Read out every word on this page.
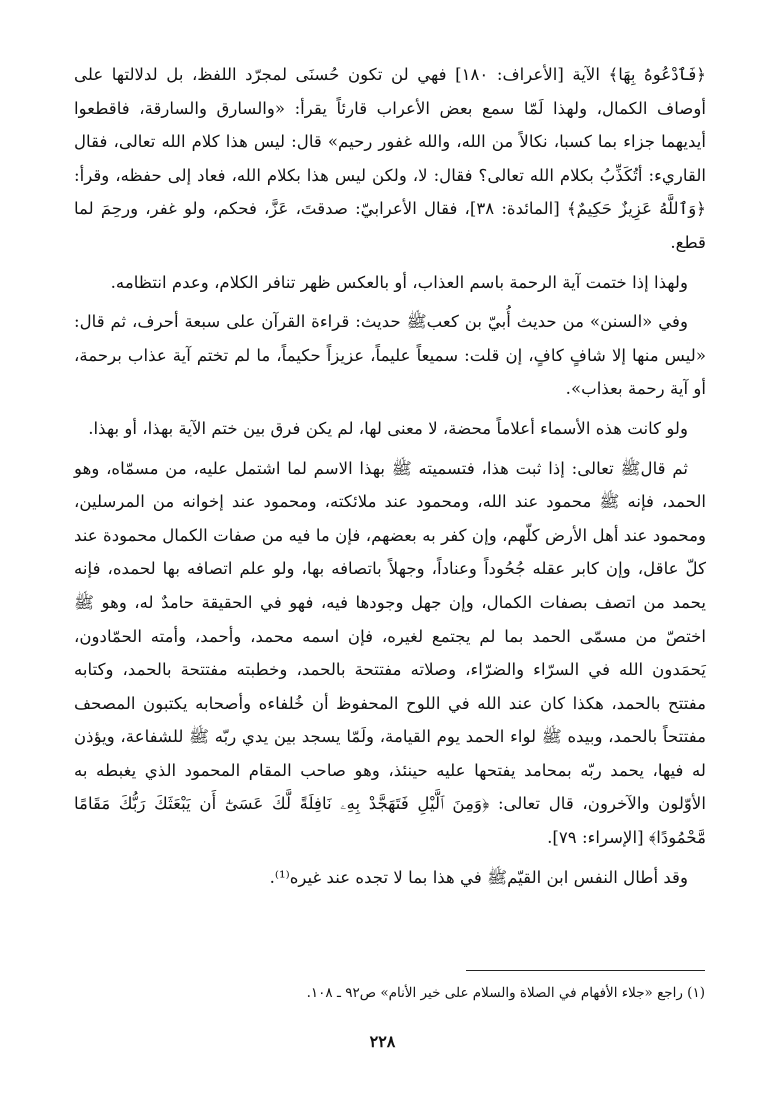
﴿فَٱدْعُوهُ بِهَا﴾ الآية [الأعراف: ١٨٠] فهي لن تكون حُسنَى لمجرّد اللفظ، بل لدلالتها على أوصاف الكمال، ولهذا لَمّا سمع بعض الأعراب قارئاً يقرأ: «والسارق والسارقة، فاقطعوا أيديهما جزاء بما كسبا، نكالاً من الله، والله غفور رحيم» قال: ليس هذا كلام الله تعالى، فقال القاريء: أتُكَذِّبُ بكلام الله تعالى؟ فقال: لا، ولكن ليس هذا بكلام الله، فعاد إلى حفظه، وقرأ: ﴿وَٱللَّهُ عَزِيزٌ حَكِيمٌ﴾ [المائدة: ٣٨]، فقال الأعرابيّ: صدقتَ، عَزَّ، فحكم، ولو غفر، ورحِمَ لما قطع.

ولهذا إذا ختمت آية الرحمة باسم العذاب، أو بالعكس ظهر تنافر الكلام، وعدم انتظامه.

وفي «السنن» من حديث أُبيّ بن كعبﷺ حديث: قراءة القرآن على سبعة أحرف، ثم قال: «ليس منها إلا شافٍ كافٍ، إن قلت: سميعاً عليماً، عزيزاً حكيماً، ما لم تختم آية عذاب برحمة، أو آية رحمة بعذاب».

ولو كانت هذه الأسماء أعلاماً محضة، لا معنى لها، لم يكن فرق بين ختم الآية بهذا، أو بهذا.

ثم قالﷺ تعالى: إذا ثبت هذا، فتسميته ﷺ بهذا الاسم لما اشتمل عليه، من مسمّاه، وهو الحمد، فإنه ﷺ محمود عند الله، ومحمود عند ملائكته، ومحمود عند إخوانه من المرسلين، ومحمود عند أهل الأرض كلّهم، وإن كفر به بعضهم، فإن ما فيه من صفات الكمال محمودة عند كلّ عاقل، وإن كابر عقله جُحُوداً وعناداً، وجهلاً باتصافه بها، ولو علم اتصافه بها لحمده، فإنه يحمد من اتصف بصفات الكمال، وإن جهل وجودها فيه، فهو في الحقيقة حامدٌ له، وهو ﷺ اختصّ من مسمّى الحمد بما لم يجتمع لغيره، فإن اسمه محمد، وأحمد، وأمته الحمّادون، يَحمَدون الله في السرّاء والضرّاء، وصلاته مفتتحة بالحمد، وخطبته مفتتحة بالحمد، وكتابه مفتتح بالحمد، هكذا كان عند الله في اللوح المحفوظ أن خُلفاءه وأصحابه يكتبون المصحف مفتتحاً بالحمد، وبيده ﷺ لواء الحمد يوم القيامة، ولَمّا يسجد بين يدي ربّه ﷺ للشفاعة، ويؤذن له فيها، يحمد ربّه بمحامد يفتحها عليه حينئذ، وهو صاحب المقام المحمود الذي يغبطه به الأوّلون والآخرون، قال تعالى: ﴿وَمِنَ ٱلَّيْلِ فَتَهَجَّدْ بِهِۦ نَافِلَةً لَّكَ عَسَىٰٓ أَن يَبْعَثَكَ رَبُّكَ مَقَامًا مَّحْمُودًا﴾ [الإسراء: ٧٩].

وقد أطال النفس ابن القيّمﷺ في هذا بما لا تجده عند غيره⁽¹⁾.

(١) راجع «جلاء الأفهام في الصلاة والسلام على خير الأنام» ص٩٢ ـ ١٠٨.
٢٢٨
